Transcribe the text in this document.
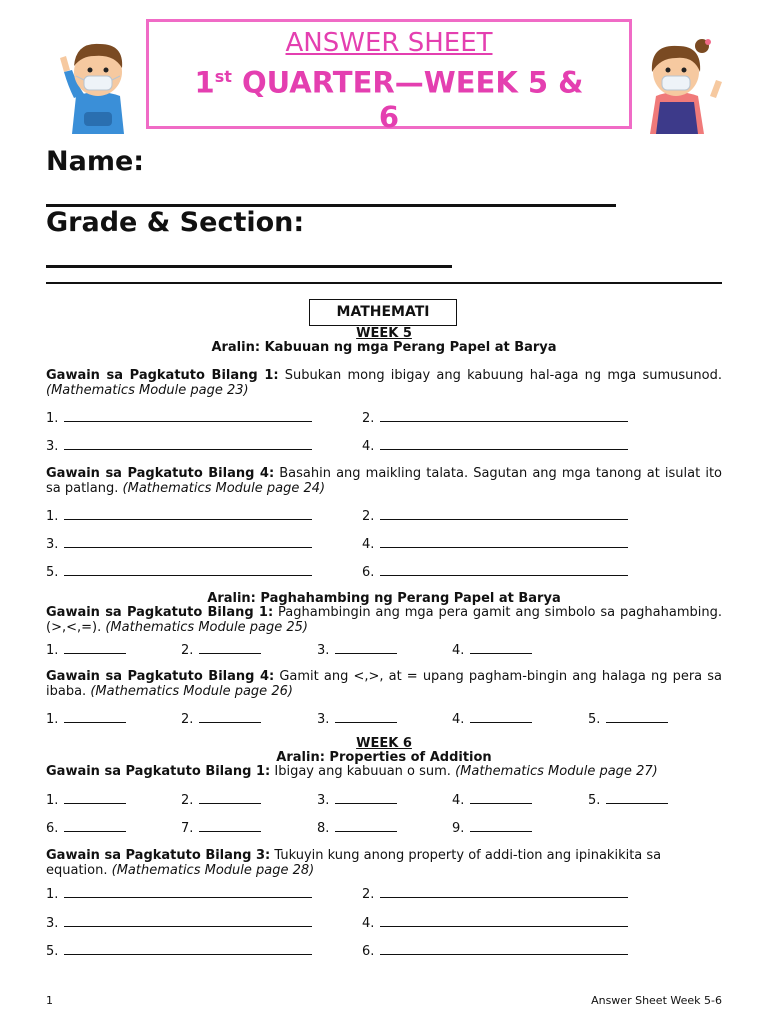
ANSWER SHEET
1st QUARTER—WEEK 5 &
6
Name:
Grade & Section:
MATHEMATI
WEEK 5
Aralin: Kabuuan ng mga Perang Papel at Barya
Gawain sa Pagkatuto Bilang 1: Subukan mong ibigay ang kabuung hal-aga ng mga sumusunod. (Mathematics Module page 23)
1.	2.
3.	4.
Gawain sa Pagkatuto Bilang 4: Basahin ang maikling talata. Sagutan ang mga tanong at isulat ito sa patlang. (Mathematics Module page 24)
1.	2.
3.	4.
5.	6.
Aralin: Paghahambing ng Perang Papel at Barya
Gawain sa Pagkatuto Bilang 1: Paghambingin ang mga pera gamit ang simbolo sa paghahambing. (>,<,=). (Mathematics Module page 25)
1.	2.	3.	4.
Gawain sa Pagkatuto Bilang 4: Gamit ang <,>, at = upang pagham-bingin ang halaga ng pera sa ibaba. (Mathematics Module page 26)
1.	2.	3.	4.	5.
WEEK 6
Aralin: Properties of Addition
Gawain sa Pagkatuto Bilang 1: Ibigay ang kabuuan o sum. (Mathematics Module page 27)
1.	2.	3.	4.	5.
6.	7.	8.	9.
Gawain sa Pagkatuto Bilang 3: Tukuyin kung anong property of addi-tion ang ipinakikita sa equation. (Mathematics Module page 28)
1.	2.
3.	4.
5.	6.
1	Answer Sheet Week 5-6
